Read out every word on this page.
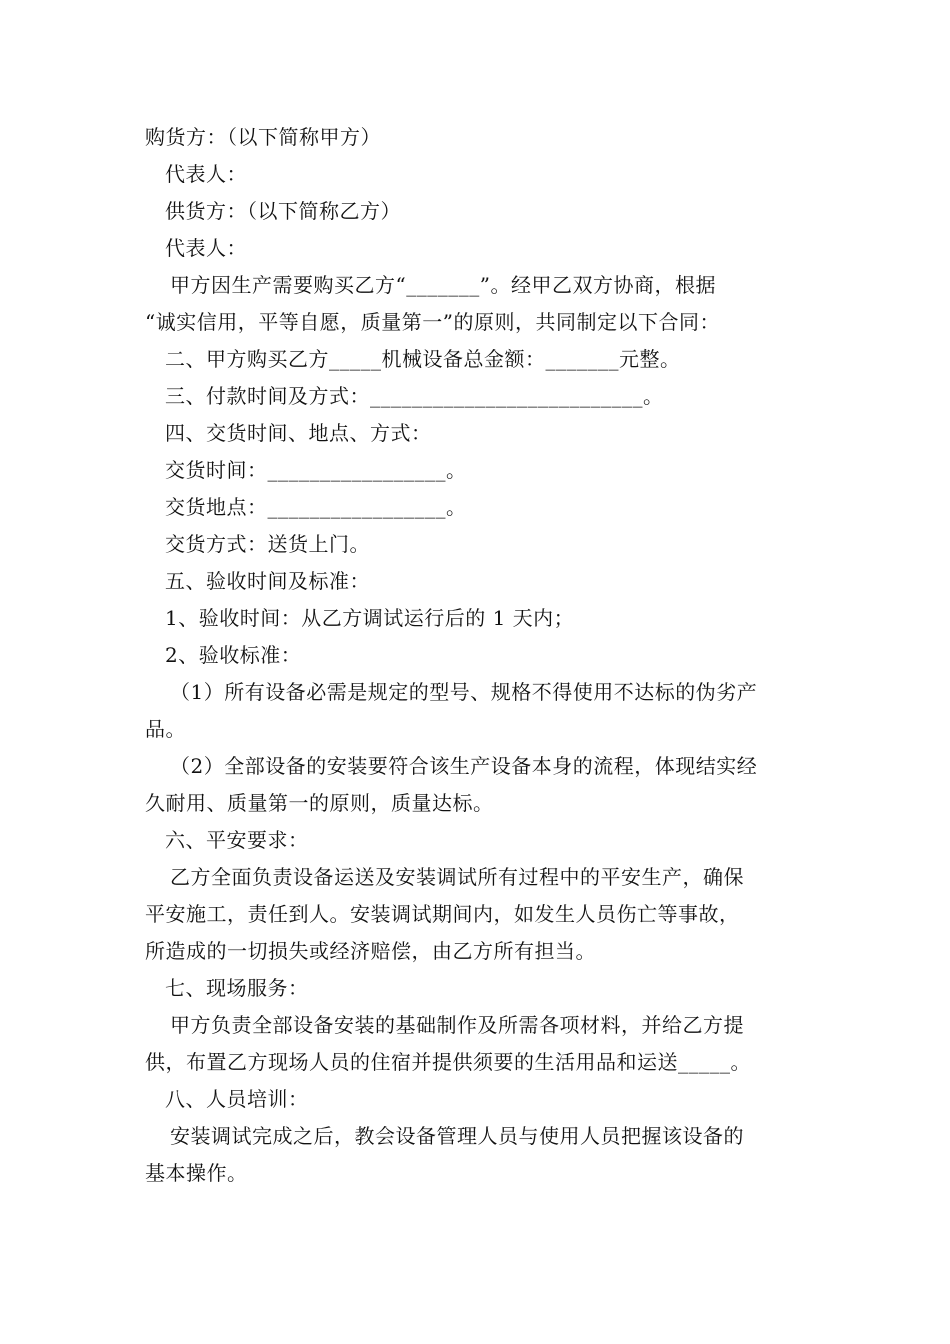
购货方：（以下简称甲方）
代表人：
供货方：（以下简称乙方）
代表人：
甲方因生产需要购买乙方“_______”。经甲乙双方协商，根据
“诚实信用，平等自愿，质量第一”的原则，共同制定以下合同：
二、甲方购买乙方_____机械设备总金额：_______元整。
三、付款时间及方式：__________________________。
四、交货时间、地点、方式：
交货时间：_________________。
交货地点：_________________。
交货方式：送货上门。
五、验收时间及标准：
1、验收时间：从乙方调试运行后的 1 天内；
2、验收标准：
（1）所有设备必需是规定的型号、规格不得使用不达标的伪劣产
品。
（2）全部设备的安装要符合该生产设备本身的流程，体现结实经
久耐用、质量第一的原则，质量达标。
六、平安要求：
乙方全面负责设备运送及安装调试所有过程中的平安生产，确保
平安施工，责任到人。安装调试期间内，如发生人员伤亡等事故，
所造成的一切损失或经济赔偿，由乙方所有担当。
七、现场服务：
甲方负责全部设备安装的基础制作及所需各项材料，并给乙方提
供，布置乙方现场人员的住宿并提供须要的生活用品和运送_____。
八、人员培训：
安装调试完成之后，教会设备管理人员与使用人员把握该设备的
基本操作。
